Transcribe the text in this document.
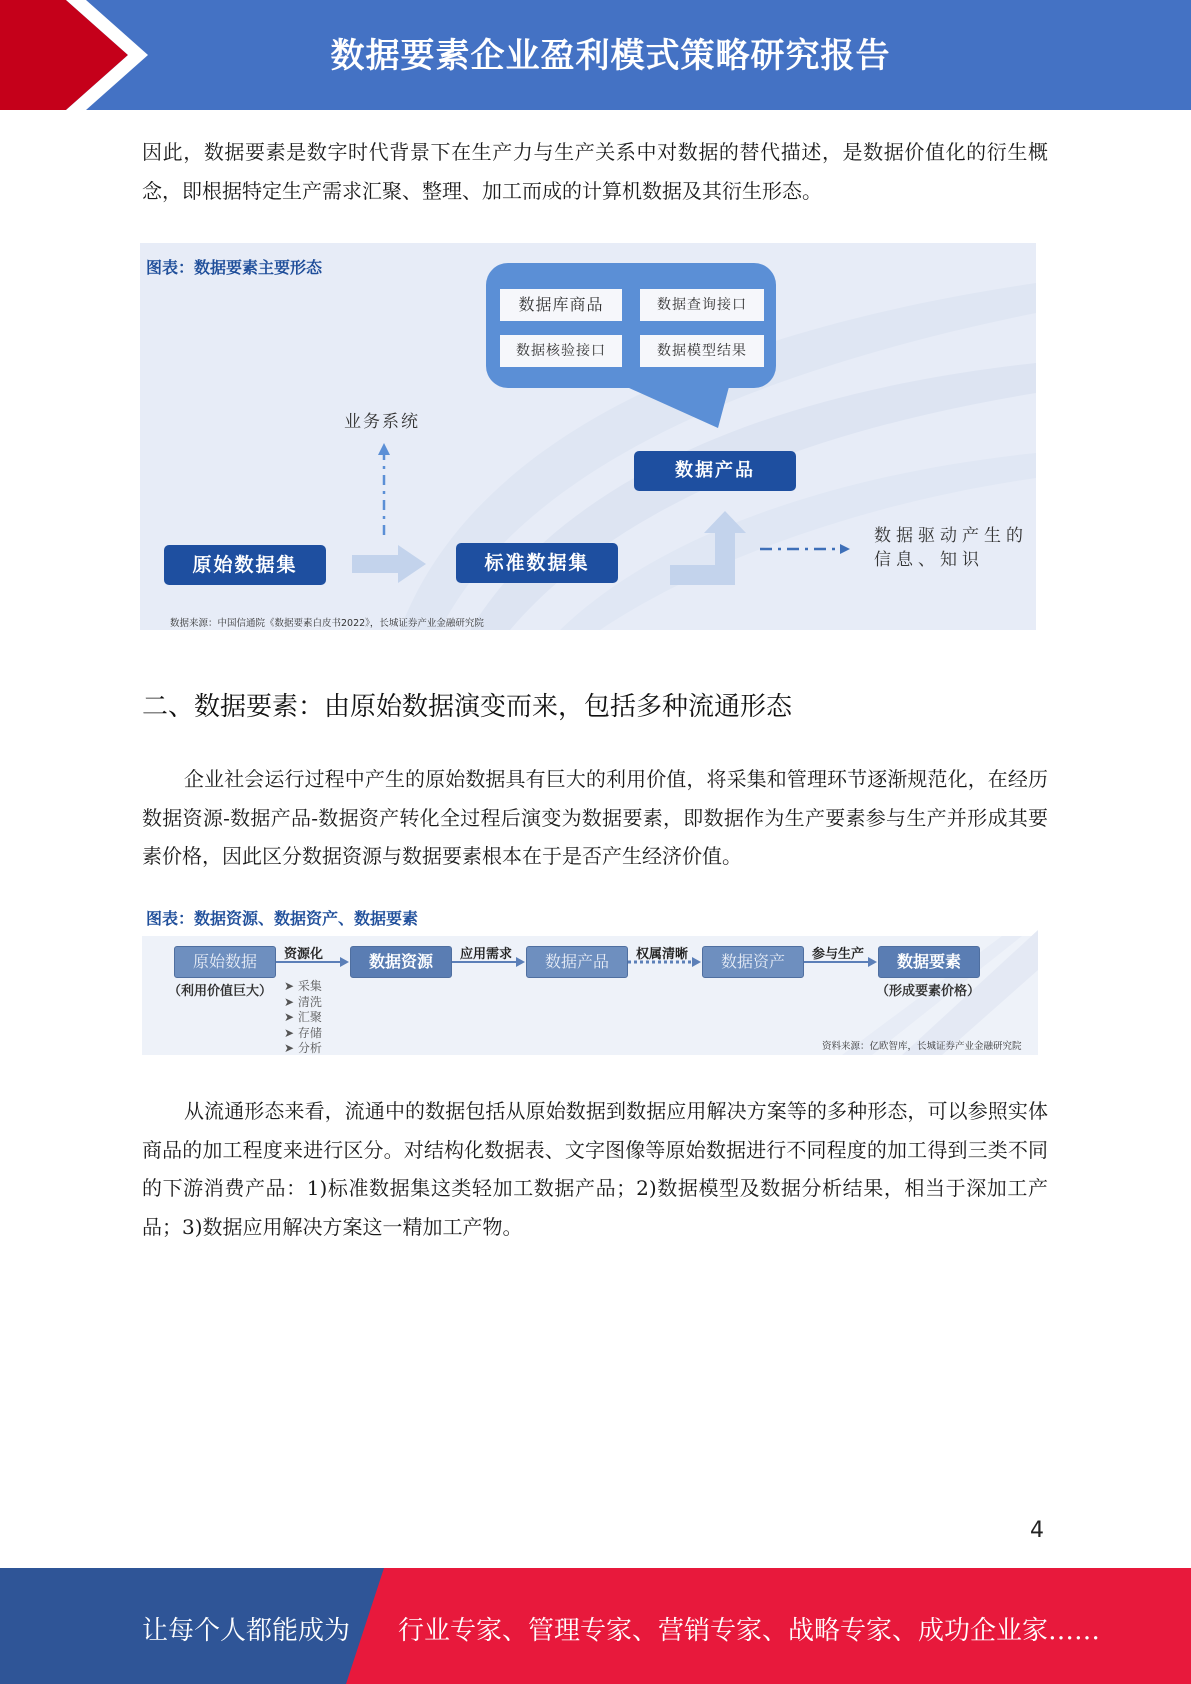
数据要素企业盈利模式策略研究报告
因此，数据要素是数字时代背景下在生产力与生产关系中对数据的替代描述，是数据价值化的衍生概念，即根据特定生产需求汇聚、整理、加工而成的计算机数据及其衍生形态。
图表：数据要素主要形态
数据库商品	数据查询接口
数据核验接口	数据模型结果
业务系统
数据产品
原始数据集	标准数据集
数据驱动产生的
信息、知识
数据来源：中国信通院《数据要素白皮书2022》，长城证券产业金融研究院
二、数据要素：由原始数据演变而来，包括多种流通形态
企业社会运行过程中产生的原始数据具有巨大的利用价值，将采集和管理环节逐渐规范化，在经历数据资源-数据产品-数据资产转化全过程后演变为数据要素，即数据作为生产要素参与生产并形成其要素价格，因此区分数据资源与数据要素根本在于是否产生经济价值。
图表：数据资源、数据资产、数据要素
原始数据	数据资源	数据产品	数据资产	数据要素
资源化	应用需求	权属清晰	参与生产
（利用价值巨大）	（形成要素价格）
➤ 采集
➤ 清洗
➤ 汇聚
➤ 存储
➤ 分析	资料来源：亿欧智库，长城证券产业金融研究院
从流通形态来看，流通中的数据包括从原始数据到数据应用解决方案等的多种形态，可以参照实体商品的加工程度来进行区分。对结构化数据表、文字图像等原始数据进行不同程度的加工得到三类不同的下游消费产品：1)标准数据集这类轻加工数据产品；2)数据模型及数据分析结果，相当于深加工产品；3)数据应用解决方案这一精加工产物。
4
让每个人都能成为 行业专家、管理专家、营销专家、战略专家、成功企业家……
